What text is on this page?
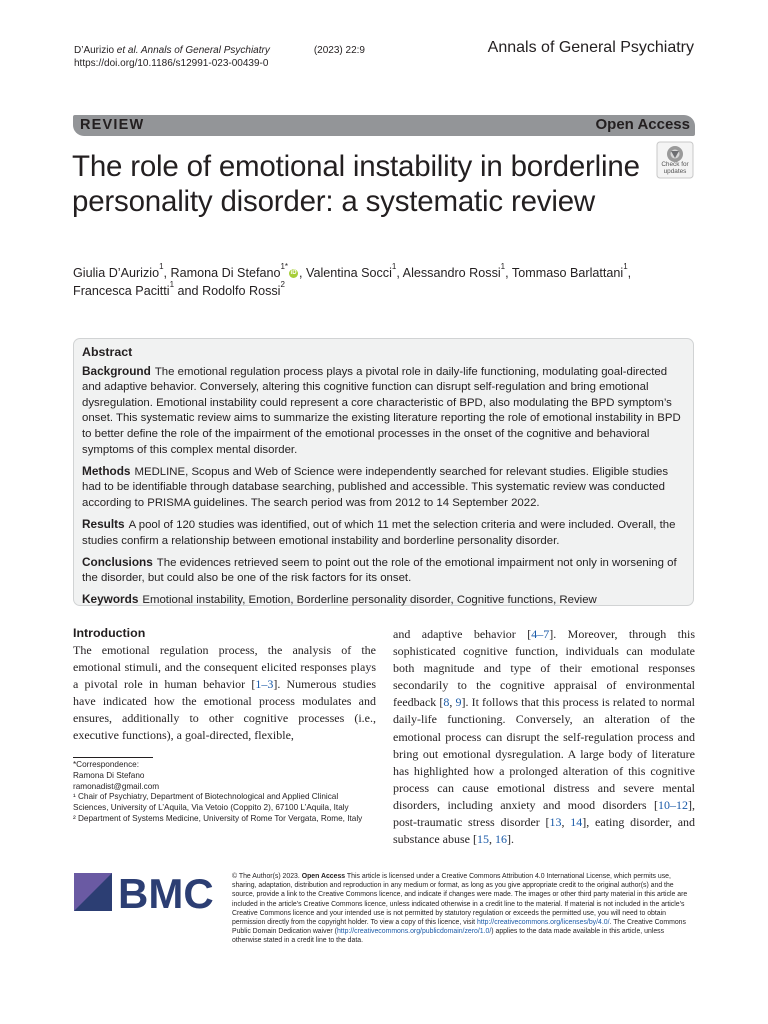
D’Aurizio et al. Annals of General Psychiatry	(2023) 22:9
https://doi.org/10.1186/s12991-023-00439-0
Annals of General Psychiatry
REVIEW	Open Access
The role of emotional instability in borderline personality disorder: a systematic review
Check for
updates
Giulia D’Aurizio$^1$, Ramona Di Stefano$^{1*}$iD , Valentina Socci$^1$, Alessandro Rossi$^1$, Tommaso Barlattani$^1$,
Francesca Pacitti$^1$ and Rodolfo Rossi$^2$
Abstract

Background The emotional regulation process plays a pivotal role in daily-life functioning, modulating goal-directed and adaptive behavior. Conversely, altering this cognitive function can disrupt self-regulation and bring emotional dysregulation. Emotional instability could represent a core characteristic of BPD, also modulating the BPD symptom’s onset. This systematic review aims to summarize the existing literature reporting the role of emotional instability in BPD to better define the role of the impairment of the emotional processes in the onset of the cognitive and behavioral symptoms of this complex mental disorder.

Methods MEDLINE, Scopus and Web of Science were independently searched for relevant studies. Eligible studies had to be identifiable through database searching, published and accessible. This systematic review was conducted according to PRISMA guidelines. The search period was from 2012 to 14 September 2022.

Results A pool of 120 studies was identified, out of which 11 met the selection criteria and were included. Overall, the studies confirm a relationship between emotional instability and borderline personality disorder.

Conclusions The evidences retrieved seem to point out the role of the emotional impairment not only in worsening of the disorder, but could also be one of the risk factors for its onset.

Keywords Emotional instability, Emotion, Borderline personality disorder, Cognitive functions, Review

Introduction
The emotional regulation process, the analysis of the emotional stimuli, and the consequent elicited responses plays a pivotal role in human behavior [1–3]. Numerous studies have indicated how the emotional process modulates and ensures, additionally to other cognitive processes (i.e., executive functions), a goal-directed, flexible,
and adaptive behavior [4–7]. Moreover, through this sophisticated cognitive function, individuals can modulate both magnitude and type of their emotional responses secondarily to the cognitive appraisal of environmental feedback [8, 9]. It follows that this process is related to normal daily-life functioning. Conversely, an alteration of the emotional process can disrupt the self-regulation process and bring out emotional dysregulation. A large body of literature has highlighted how a prolonged alteration of this cognitive process can cause emotional distress and severe mental disorders, including anxiety and mood disorders [10–12], post-traumatic stress disorder [13, 14], eating disorder, and substance abuse [15, 16].
*Correspondence:
Ramona Di Stefano
ramonadist@gmail.com
¹ Chair of Psychiatry, Department of Biotechnological and Applied Clinical Sciences, University of L’Aquila, Via Vetoio (Coppito 2), 67100 L’Aquila, Italy
² Department of Systems Medicine, University of Rome Tor Vergata, Rome, Italy
BMC	© The Author(s) 2023. Open Access This article is licensed under a Creative Commons Attribution 4.0 International License, which permits use, sharing, adaptation, distribution and reproduction in any medium or format, as long as you give appropriate credit to the original author(s) and the source, provide a link to the Creative Commons licence, and indicate if changes were made. The images or other third party material in this article are included in the article’s Creative Commons licence, unless indicated otherwise in a credit line to the material. If material is not included in the article’s Creative Commons licence and your intended use is not permitted by statutory regulation or exceeds the permitted use, you will need to obtain permission directly from the copyright holder. To view a copy of this licence, visit http://creativecommons.org/licenses/by/4.0/. The Creative Commons Public Domain Dedication waiver (http://creativecommons.org/publicdomain/zero/1.0/) applies to the data made available in this article, unless otherwise stated in a credit line to the data.
